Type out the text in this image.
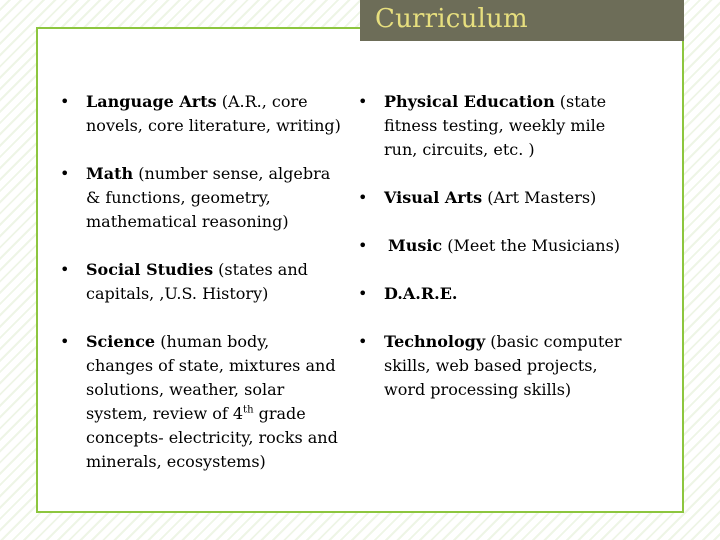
Curriculum

• Language Arts (A.R., core novels, core literature, writing)

• Math (number sense, algebra & functions, geometry, mathematical reasoning)

• Social Studies (states and capitals, ,U.S. History)

• Science (human body, changes of state, mixtures and solutions, weather, solar system, review of 4th grade concepts- electricity, rocks and minerals, ecosystems)

• Physical Education (state fitness testing, weekly mile run, circuits, etc. )

• Visual Arts (Art Masters)

• Music (Meet the Musicians)

• D.A.R.E.

• Technology (basic computer skills, web based projects, word processing skills)
